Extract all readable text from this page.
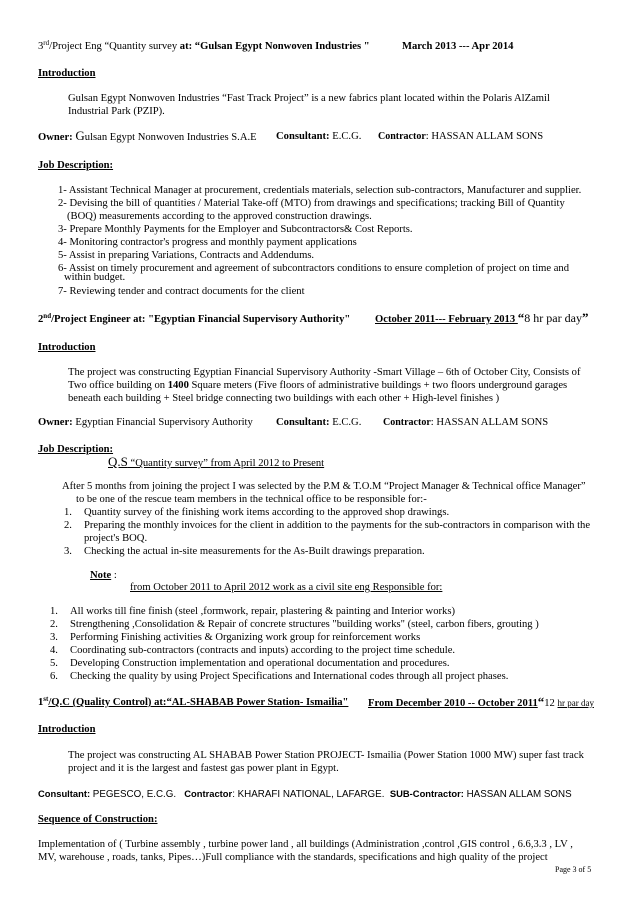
3rd/Project Eng “Quantity survey at: “Gulsan Egypt Nonwoven Industries "	March 2013 --- Apr 2014
Introduction
Gulsan Egypt Nonwoven Industries “Fast Track Project” is a new fabrics plant located within the Polaris AlZamil
Industrial Park (PZIP).
Owner: Gulsan Egypt Nonwoven Industries S.A.E Consultant: E.C.G. Contractor: HASSAN ALLAM SONS
Job Description:
1- Assistant Technical Manager at procurement, credentials materials, selection sub-contractors, Manufacturer and supplier.
2- Devising the bill of quantities / Material Take-off (MTO) from drawings and specifications; tracking Bill of Quantity
(BOQ) measurements according to the approved construction drawings.
3- Prepare Monthly Payments for the Employer and Subcontractors& Cost Reports.
4- Monitoring contractor's progress and monthly payment applications
5- Assist in preparing Variations, Contracts and Addendums.
6- Assist on timely procurement and agreement of subcontractors conditions to ensure completion of project on time and
within budget.
7- Reviewing tender and contract documents for the client
2nd/Project Engineer at: "Egyptian Financial Supervisory Authority" October 2011--- February 2013 “8 hr par day”
Introduction
The project was constructing Egyptian Financial Supervisory Authority -Smart Village – 6th of October City, Consists of
Two office building on 1400 Square meters (Five floors of administrative buildings + two floors underground garages
beneath each building + Steel bridge connecting two buildings with each other + High-level finishes )
Owner: Egyptian Financial Supervisory Authority Consultant: E.C.G. Contractor: HASSAN ALLAM SONS
Job Description:
Q.S “Quantity survey” from April 2012 to Present
After 5 months from joining the project I was selected by the P.M & T.O.M “Project Manager & Technical office Manager”
to be one of the rescue team members in the technical office to be responsible for:-
1. Quantity survey of the finishing work items according to the approved shop drawings.
2. Preparing the monthly invoices for the client in addition to the payments for the sub-contractors in comparison with the
project's BOQ.
3. Checking the actual in-site measurements for the As-Built drawings preparation.
Note :
from October 2011 to April 2012 work as a civil site eng Responsible for:
1. All works till fine finish (steel ,formwork, repair, plastering & painting and Interior works)
2. Strengthening ,Consolidation & Repair of concrete structures "building works" (steel, carbon fibers, grouting )
3. Performing Finishing activities & Organizing work group for reinforcement works
4. Coordinating sub-contractors (contracts and inputs) according to the project time schedule.
5. Developing Construction implementation and operational documentation and procedures.
6. Checking the quality by using Project Specifications and International codes through all project phases.
1st/Q.C (Quality Control) at:“AL-SHABAB Power Station- Ismailia" From December 2010 -- October 2011“12 hr par day
Introduction
The project was constructing AL SHABAB Power Station PROJECT- Ismailia (Power Station 1000 MW) super fast track
project and it is the largest and fastest gas power plant in Egypt.
Consultant: PEGESCO, E.C.G. Contractor: KHARAFI NATIONAL, LAFARGE. SUB-Contractor: HASSAN ALLAM SONS
Sequence of Construction:
Implementation of ( Turbine assembly , turbine power land , all buildings (Administration ,control ,GIS control , 6.6,3.3 , LV ,
MV, warehouse , roads, tanks, Pipes…)Full compliance with the standards, specifications and high quality of the project
Page 3 of 5
